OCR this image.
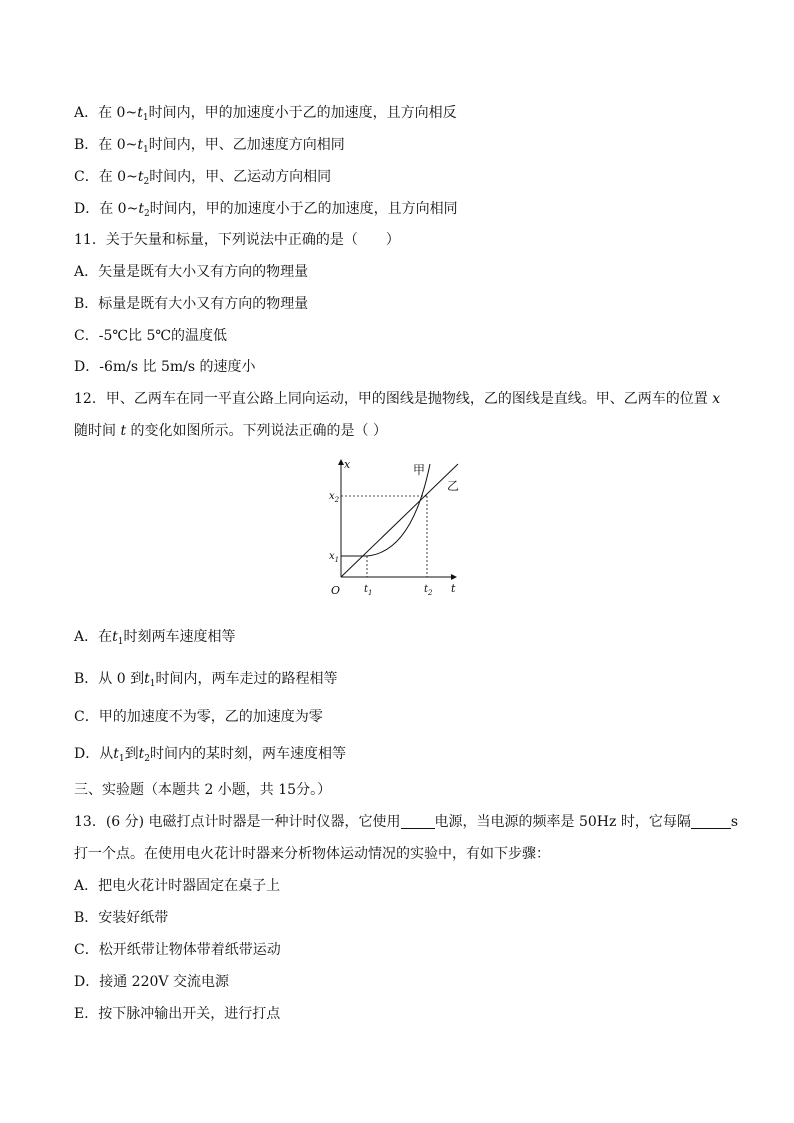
A．在 $0\sim t_1$时间内，甲的加速度小于乙的加速度，且方向相反
B．在 $0\sim t_1$时间内，甲、乙加速度方向相同
C．在 $0\sim t_2$时间内，甲、乙运动方向相同
D．在 $0\sim t_2$时间内，甲的加速度小于乙的加速度，且方向相同
11．关于矢量和标量，下列说法中正确的是（　　）
A．矢量是既有大小又有方向的物理量
B．标量是既有大小又有方向的物理量
C．-5℃比 5℃的温度低
D．-6m/s 比 5m/s 的速度小
12．甲、乙两车在同一平直公路上同向运动，甲的图线是抛物线，乙的图线是直线。甲、乙两车的位置 x
随时间 t 的变化如图所示。下列说法正确的是（ ）
x
t
O
$x_2$
$x_1$
$t_1$	$t_2$
甲
乙
A．在$t_1$时刻两车速度相等
B．从 0 到$t_1$时间内，两车走过的路程相等
C．甲的加速度不为零，乙的加速度为零
D．从$t_1$到$t_2$时间内的某时刻，两车速度相等
三、实验题（本题共 2 小题，共 15分。）
13．(6 分) 电磁打点计时器是一种计时仪器，它使用 电源，当电源的频率是 50Hz 时，它每隔	s
打一个点。在使用电火花计时器来分析物体运动情况的实验中，有如下步骤：
A．把电火花计时器固定在桌子上
B．安装好纸带
C．松开纸带让物体带着纸带运动
D．接通 220V 交流电源
E．按下脉冲输出开关，进行打点
